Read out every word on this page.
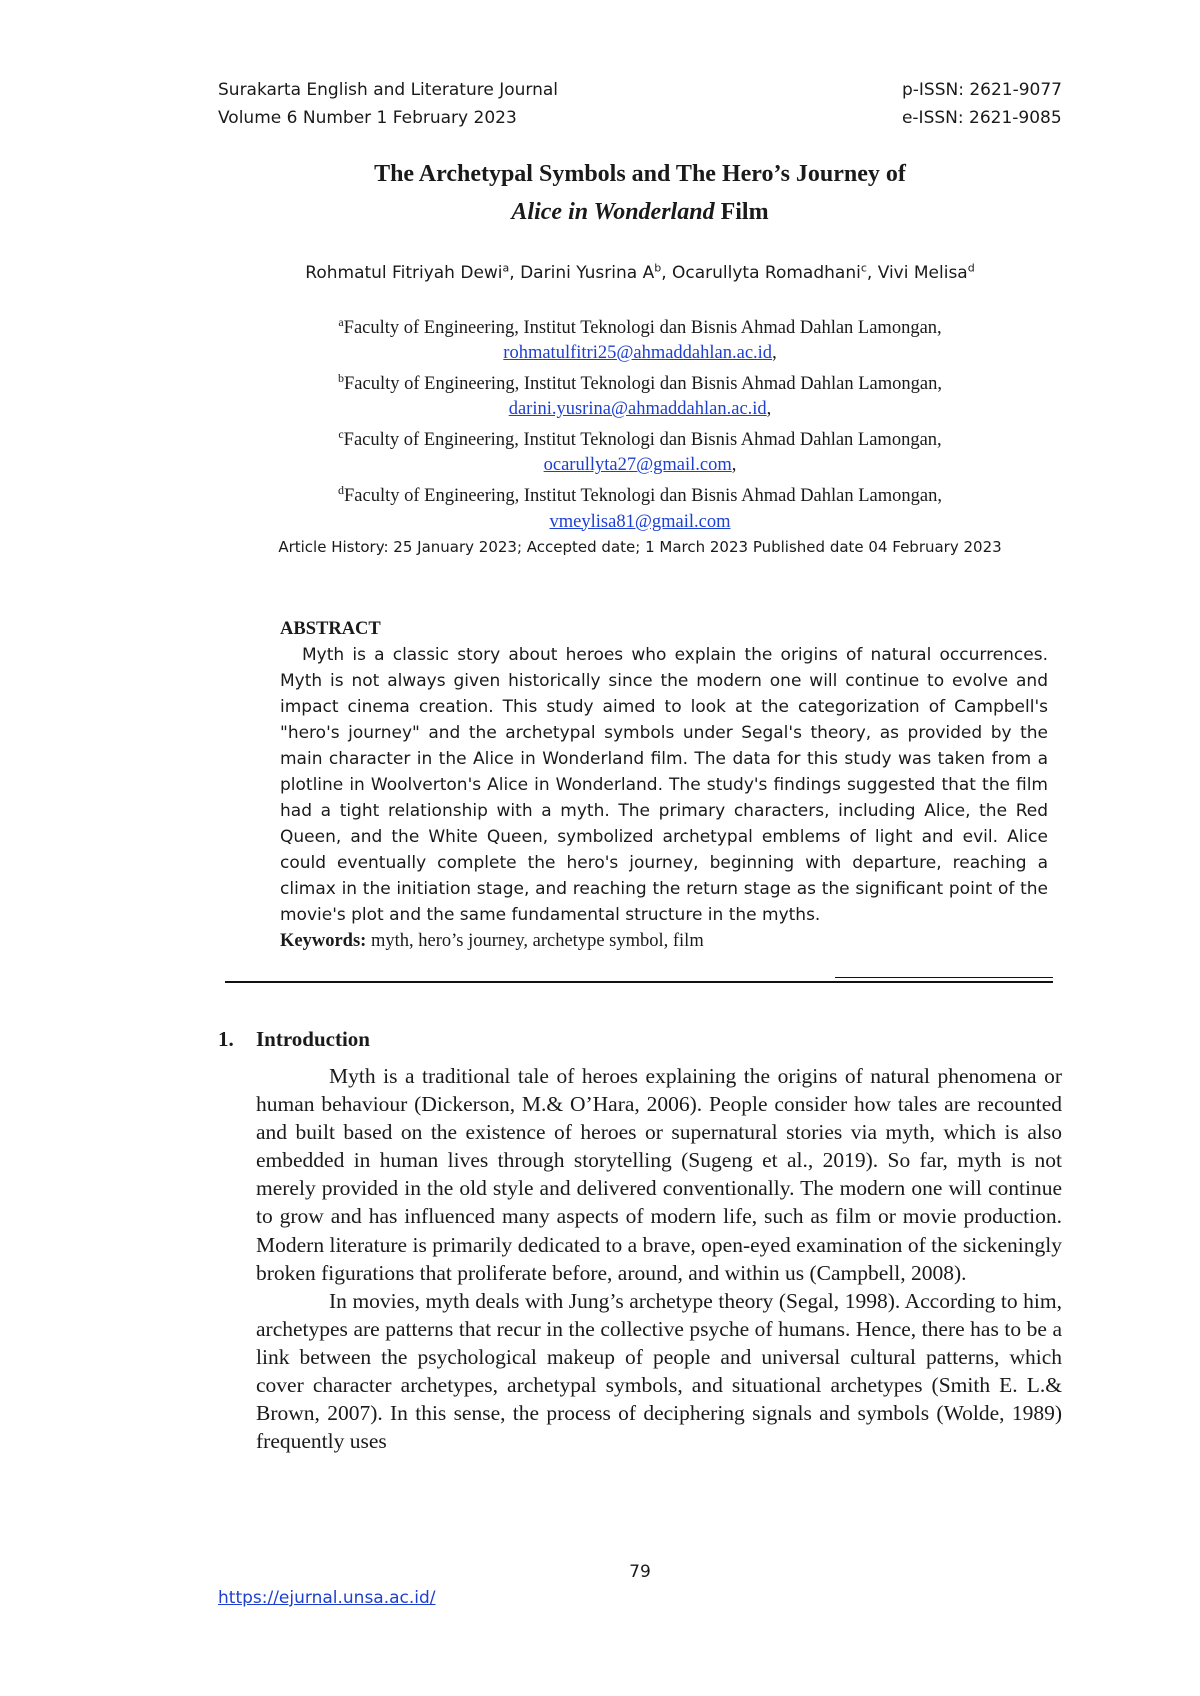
Surakarta English and Literature Journal
Volume 6 Number 1 February 2023
p-ISSN: 2621-9077
e-ISSN: 2621-9085
The Archetypal Symbols and The Hero’s Journey of
Alice in Wonderland Film
Rohmatul Fitriyah Dewi$^a$, Darini Yusrina $A^b$, Ocarullyta Romadhani$^c$, Vivi Melisa$^d$
$^a$Faculty of Engineering, Institut Teknologi dan Bisnis Ahmad Dahlan Lamongan,
rohmatulfitri25@ahmaddahlan.ac.id,
$^b$Faculty of Engineering, Institut Teknologi dan Bisnis Ahmad Dahlan Lamongan,
darini.yusrina@ahmaddahlan.ac.id,
$^c$Faculty of Engineering, Institut Teknologi dan Bisnis Ahmad Dahlan Lamongan,
ocarullyta27@gmail.com,
$^d$Faculty of Engineering, Institut Teknologi dan Bisnis Ahmad Dahlan Lamongan,
vmeylisa81@gmail.com
Article History: 25 January 2023; Accepted date; 1 March 2023 Published date 04 February 2023
ABSTRACT

Myth is a classic story about heroes who explain the origins of natural occurrences. Myth is not always given historically since the modern one will continue to evolve and impact cinema creation. This study aimed to look at the categorization of Campbell's "hero's journey" and the archetypal symbols under Segal's theory, as provided by the main character in the Alice in Wonderland film. The data for this study was taken from a plotline in Woolverton's Alice in Wonderland. The study's findings suggested that the film had a tight relationship with a myth. The primary characters, including Alice, the Red Queen, and the White Queen, symbolized archetypal emblems of light and evil. Alice could eventually complete the hero's journey, beginning with departure, reaching a climax in the initiation stage, and reaching the return stage as the significant point of the movie's plot and the same fundamental structure in the myths.

Keywords: myth, hero’s journey, archetype symbol, film
1. Introduction

Myth is a traditional tale of heroes explaining the origins of natural phenomena or human behaviour (Dickerson, M.& O’Hara, 2006). People consider how tales are recounted and built based on the existence of heroes or supernatural stories via myth, which is also embedded in human lives through storytelling (Sugeng et al., 2019). So far, myth is not merely provided in the old style and delivered conventionally. The modern one will continue to grow and has influenced many aspects of modern life, such as film or movie production. Modern literature is primarily dedicated to a brave, open-eyed examination of the sickeningly broken figurations that proliferate before, around, and within us (Campbell, 2008).

In movies, myth deals with Jung’s archetype theory (Segal, 1998). According to him, archetypes are patterns that recur in the collective psyche of humans. Hence, there has to be a link between the psychological makeup of people and universal cultural patterns, which cover character archetypes, archetypal symbols, and situational archetypes (Smith E. L.& Brown, 2007). In this sense, the process of deciphering signals and symbols (Wolde, 1989) frequently uses

79
https://ejurnal.unsa.ac.id/
